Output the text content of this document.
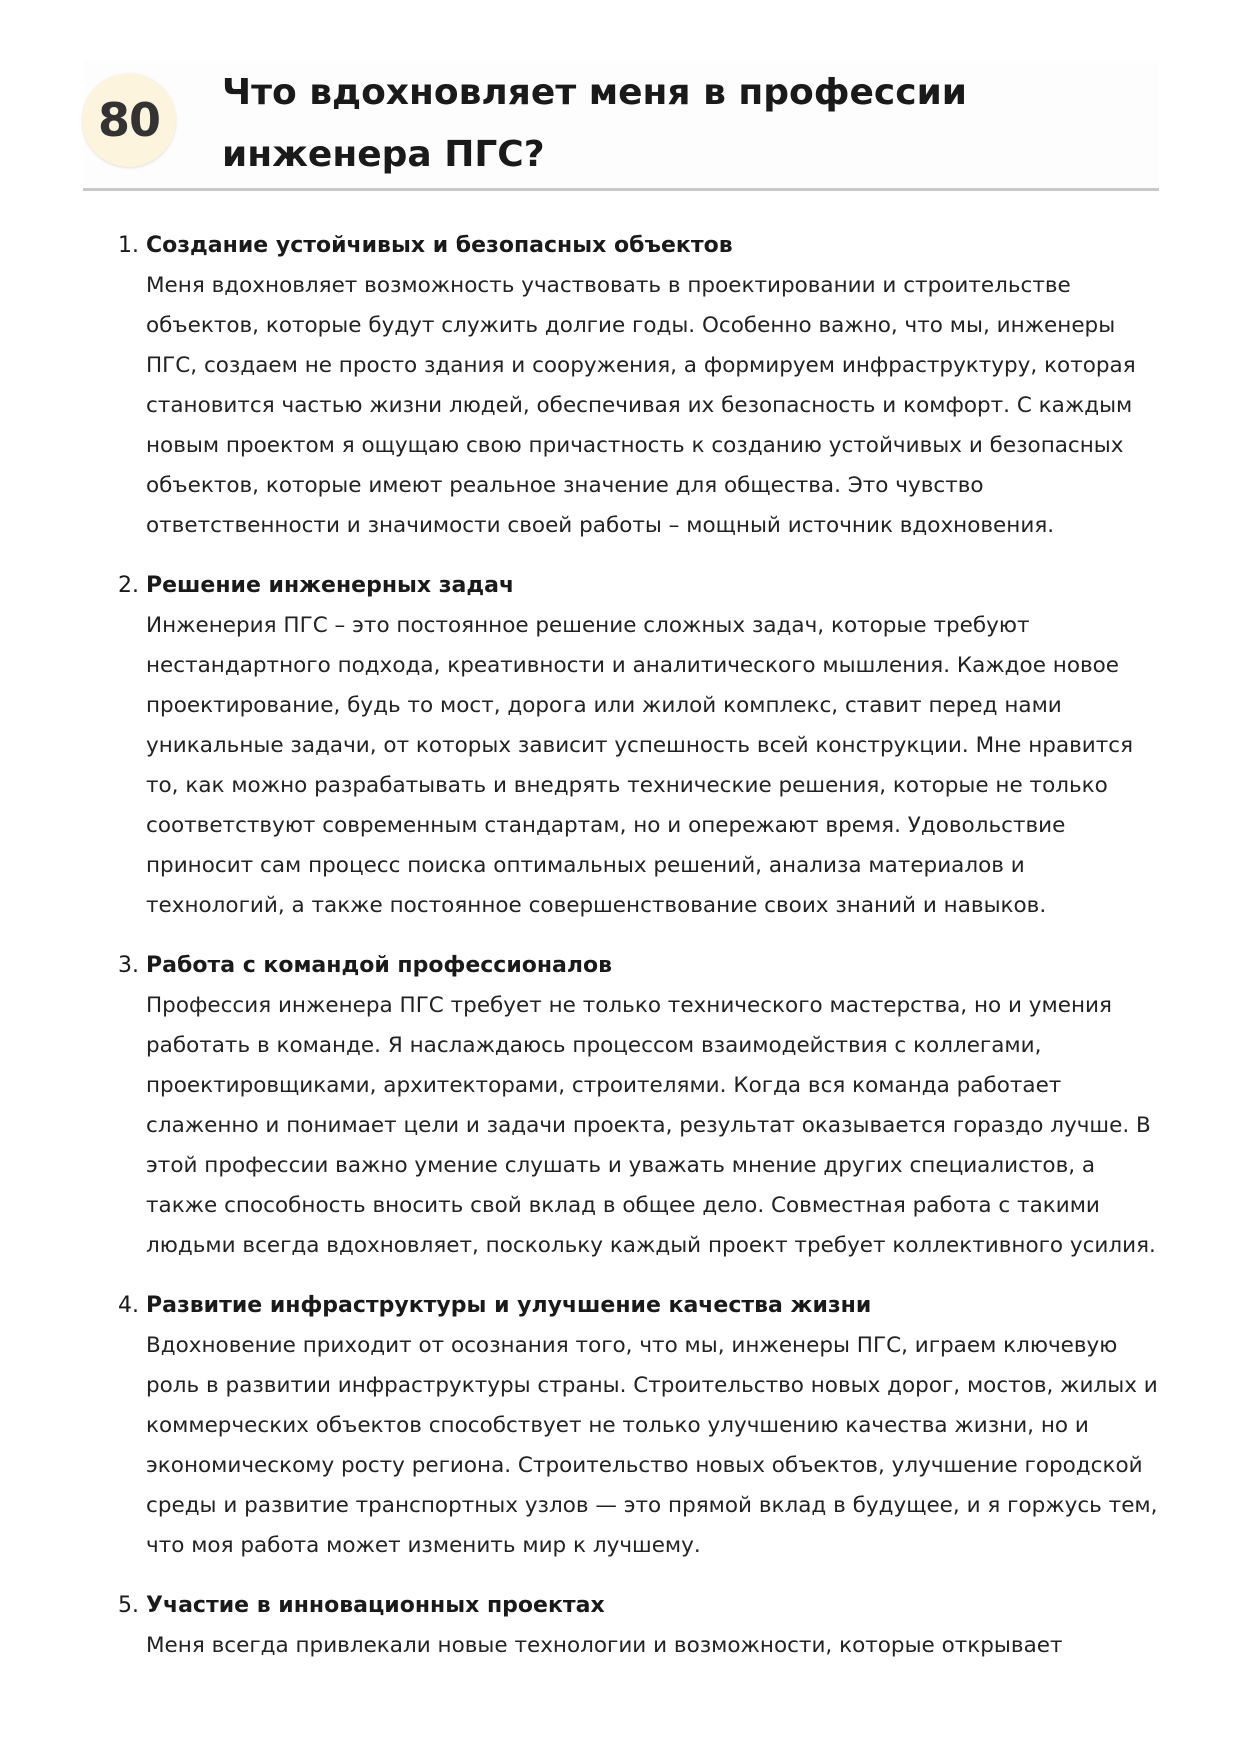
80
Что вдохновляет меня в профессии инженера ПГС?
1. Создание устойчивых и безопасных объектов
Меня вдохновляет возможность участвовать в проектировании и строительстве объектов, которые будут служить долгие годы. Особенно важно, что мы, инженеры ПГС, создаем не просто здания и сооружения, а формируем инфраструктуру, которая становится частью жизни людей, обеспечивая их безопасность и комфорт. С каждым новым проектом я ощущаю свою причастность к созданию устойчивых и безопасных объектов, которые имеют реальное значение для общества. Это чувство ответственности и значимости своей работы – мощный источник вдохновения.
2. Решение инженерных задач
Инженерия ПГС – это постоянное решение сложных задач, которые требуют нестандартного подхода, креативности и аналитического мышления. Каждое новое проектирование, будь то мост, дорога или жилой комплекс, ставит перед нами уникальные задачи, от которых зависит успешность всей конструкции. Мне нравится то, как можно разрабатывать и внедрять технические решения, которые не только соответствуют современным стандартам, но и опережают время. Удовольствие приносит сам процесс поиска оптимальных решений, анализа материалов и технологий, а также постоянное совершенствование своих знаний и навыков.
3. Работа с командой профессионалов
Профессия инженера ПГС требует не только технического мастерства, но и умения работать в команде. Я наслаждаюсь процессом взаимодействия с коллегами, проектировщиками, архитекторами, строителями. Когда вся команда работает слаженно и понимает цели и задачи проекта, результат оказывается гораздо лучше. В этой профессии важно умение слушать и уважать мнение других специалистов, а также способность вносить свой вклад в общее дело. Совместная работа с такими людьми всегда вдохновляет, поскольку каждый проект требует коллективного усилия.
4. Развитие инфраструктуры и улучшение качества жизни
Вдохновение приходит от осознания того, что мы, инженеры ПГС, играем ключевую роль в развитии инфраструктуры страны. Строительство новых дорог, мостов, жилых и коммерческих объектов способствует не только улучшению качества жизни, но и экономическому росту региона. Строительство новых объектов, улучшение городской среды и развитие транспортных узлов — это прямой вклад в будущее, и я горжусь тем, что моя работа может изменить мир к лучшему.
5. Участие в инновационных проектах
Меня всегда привлекали новые технологии и возможности, которые открывает
